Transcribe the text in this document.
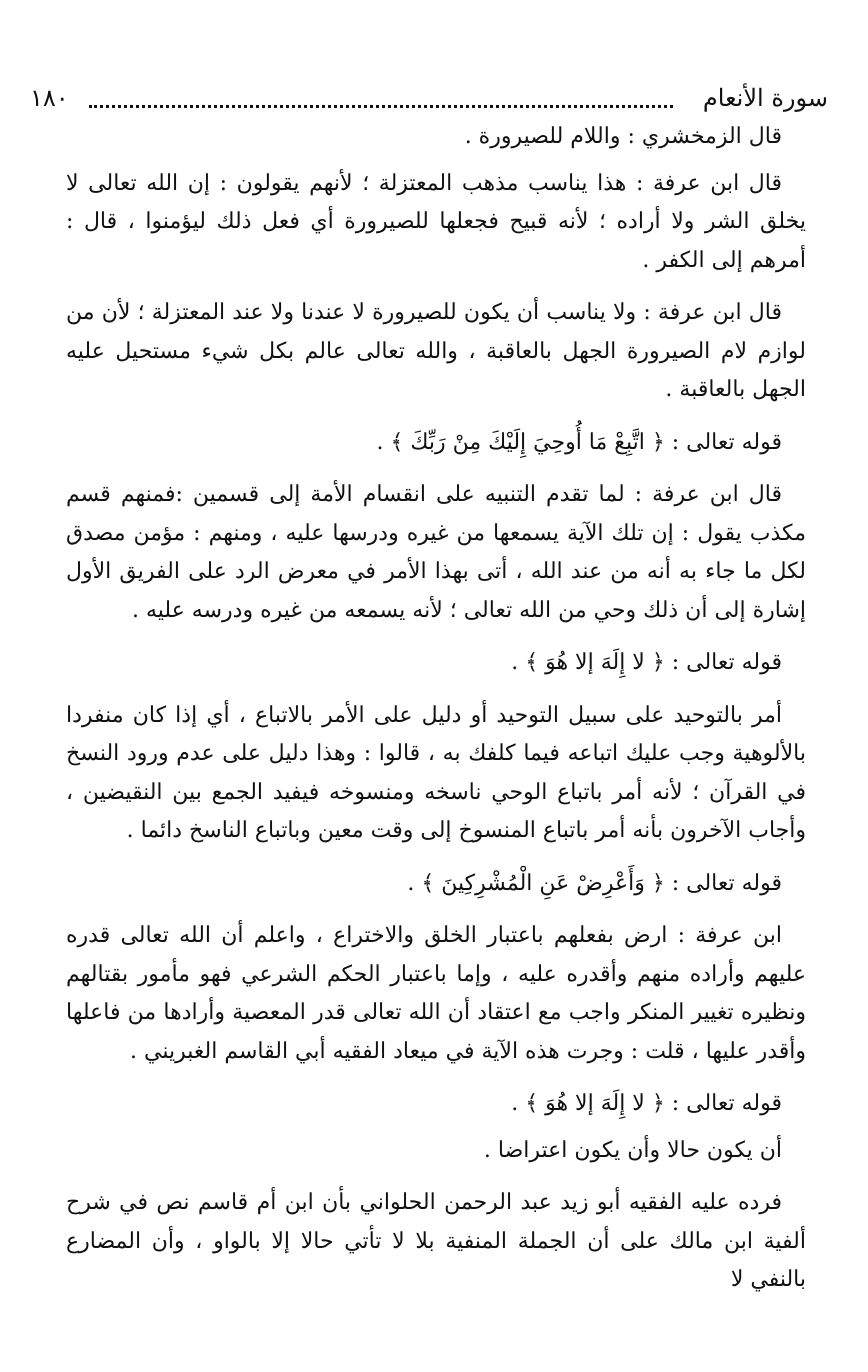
سورة الأنعام
١٨٠

قال الزمخشري : واللام للصيرورة .

قال ابن عرفة : هذا يناسب مذهب المعتزلة ؛ لأنهم يقولون : إن الله تعالى لا يخلق الشر ولا أراده ؛ لأنه قبيح فجعلها للصيرورة أي فعل ذلك ليؤمنوا ، قال : أمرهم إلى الكفر .

قال ابن عرفة : ولا يناسب أن يكون للصيرورة لا عندنا ولا عند المعتزلة ؛ لأن من لوازم لام الصيرورة الجهل بالعاقبة ، والله تعالى عالم بكل شيء مستحيل عليه الجهل بالعاقبة .

قوله تعالى : ﴿ اتَّبِعْ مَا أُوحِيَ إِلَيْكَ مِنْ رَبِّكَ ﴾ .

قال ابن عرفة : لما تقدم التنبيه على انقسام الأمة إلى قسمين :فمنهم قسم مكذب يقول : إن تلك الآية يسمعها من غيره ودرسها عليه ، ومنهم : مؤمن مصدق لكل ما جاء به أنه من عند الله ، أتى بهذا الأمر في معرض الرد على الفريق الأول إشارة إلى أن ذلك وحي من الله تعالى ؛ لأنه يسمعه من غيره ودرسه عليه .

قوله تعالى : ﴿ لا إِلَهَ إلا هُوَ ﴾ .

أمر بالتوحيد على سبيل التوحيد أو دليل على الأمر بالاتباع ، أي إذا كان منفردا بالألوهية وجب عليك اتباعه فيما كلفك به ، قالوا : وهذا دليل على عدم ورود النسخ في القرآن ؛ لأنه أمر باتباع الوحي ناسخه ومنسوخه فيفيد الجمع بين النقيضين ، وأجاب الآخرون بأنه أمر باتباع المنسوخ إلى وقت معين وباتباع الناسخ دائما .

قوله تعالى : ﴿ وَأَعْرِضْ عَنِ الْمُشْرِكِينَ ﴾ .

ابن عرفة : ارض بفعلهم باعتبار الخلق والاختراع ، واعلم أن الله تعالى قدره عليهم وأراده منهم وأقدره عليه ، وإما باعتبار الحكم الشرعي فهو مأمور بقتالهم ونظيره تغيير المنكر واجب مع اعتقاد أن الله تعالى قدر المعصية وأرادها من فاعلها وأقدر عليها ، قلت : وجرت هذه الآية في ميعاد الفقيه أبي القاسم الغبريني .

قوله تعالى : ﴿ لا إِلَهَ إلا هُوَ ﴾ .

أن يكون حالا وأن يكون اعتراضا .

فرده عليه الفقيه أبو زيد عبد الرحمن الحلواني بأن ابن أم قاسم نص في شرح ألفية ابن مالك على أن الجملة المنفية بلا لا تأتي حالا إلا بالواو ، وأن المضارع بالنفي لا
